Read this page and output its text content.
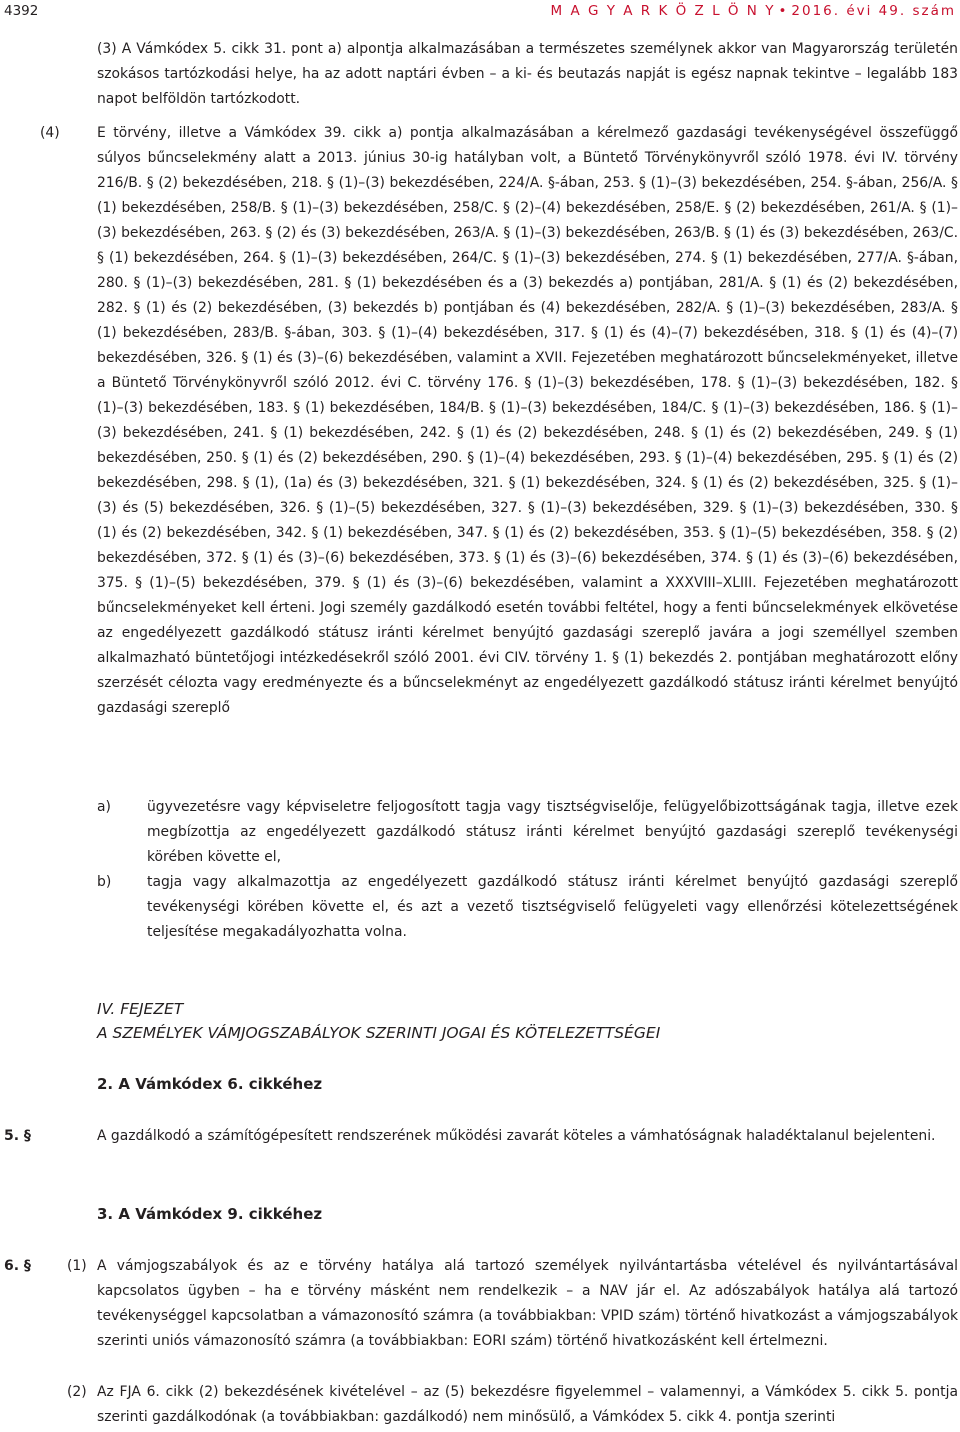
4392	M A G Y A R K Ö Z L Ö N Y • 2016. évi 49. szám
(3) A Vámkódex 5. cikk 31. pont a) alpontja alkalmazásában a természetes személynek akkor van Magyarország területén szokásos tartózkodási helye, ha az adott naptári évben – a ki- és beutazás napját is egész napnak tekintve – legalább 183 napot belföldön tartózkodott.
(4)	E törvény, illetve a Vámkódex 39. cikk a) pontja alkalmazásában a kérelmező gazdasági tevékenységével összefüggő súlyos bűncselekmény alatt a 2013. június 30-ig hatályban volt, a Büntető Törvénykönyvről szóló 1978. évi IV. törvény 216/B. § (2) bekezdésében, 218. § (1)–(3) bekezdésében, 224/A. §-ában, 253. § (1)–(3) bekezdésében, 254. §-ában, 256/A. § (1) bekezdésében, 258/B. § (1)–(3) bekezdésében, 258/C. § (2)–(4) bekezdésében, 258/E. § (2) bekezdésében, 261/A. § (1)–(3) bekezdésében, 263. § (2) és (3) bekezdésében, 263/A. § (1)–(3) bekezdésében, 263/B. § (1) és (3) bekezdésében, 263/C. § (1) bekezdésében, 264. § (1)–(3) bekezdésében, 264/C. § (1)–(3) bekezdésében, 274. § (1) bekezdésében, 277/A. §-ában, 280. § (1)–(3) bekezdésében, 281. § (1) bekezdésében és a (3) bekezdés a) pontjában, 281/A. § (1) és (2) bekezdésében, 282. § (1) és (2) bekezdésében, (3) bekezdés b) pontjában és (4) bekezdésében, 282/A. § (1)–(3) bekezdésében, 283/A. § (1) bekezdésében, 283/B. §-ában, 303. § (1)–(4) bekezdésében, 317. § (1) és (4)–(7) bekezdésében, 318. § (1) és (4)–(7) bekezdésében, 326. § (1) és (3)–(6) bekezdésében, valamint a XVII. Fejezetében meghatározott bűncselekményeket, illetve a Büntető Törvénykönyvről szóló 2012. évi C. törvény 176. § (1)–(3) bekezdésében, 178. § (1)–(3) bekezdésében, 182. § (1)–(3) bekezdésében, 183. § (1) bekezdésében, 184/B. § (1)–(3) bekezdésében, 184/C. § (1)–(3) bekezdésében, 186. § (1)–(3) bekezdésében, 241. § (1) bekezdésében, 242. § (1) és (2) bekezdésében, 248. § (1) és (2) bekezdésében, 249. § (1) bekezdésében, 250. § (1) és (2) bekezdésében, 290. § (1)–(4) bekezdésében, 293. § (1)–(4) bekezdésében, 295. § (1) és (2) bekezdésében, 298. § (1), (1a) és (3) bekezdésében, 321. § (1) bekezdésében, 324. § (1) és (2) bekezdésében, 325. § (1)–(3) és (5) bekezdésében, 326. § (1)–(5) bekezdésében, 327. § (1)–(3) bekezdésében, 329. § (1)–(3) bekezdésében, 330. § (1) és (2) bekezdésében, 342. § (1) bekezdésében, 347. § (1) és (2) bekezdésében, 353. § (1)–(5) bekezdésében, 358. § (2) bekezdésében, 372. § (1) és (3)–(6) bekezdésében, 373. § (1) és (3)–(6) bekezdésében, 374. § (1) és (3)–(6) bekezdésében, 375. § (1)–(5) bekezdésében, 379. § (1) és (3)–(6) bekezdésében, valamint a XXXVIII–XLIII. Fejezetében meghatározott bűncselekményeket kell érteni. Jogi személy gazdálkodó esetén további feltétel, hogy a fenti bűncselekmények elkövetése az engedélyezett gazdálkodó státusz iránti kérelmet benyújtó gazdasági szereplő javára a jogi személlyel szemben alkalmazható büntetőjogi intézkedésekről szóló 2001. évi CIV. törvény 1. § (1) bekezdés 2. pontjában meghatározott előny szerzését célozta vagy eredményezte és a bűncselekményt az engedélyezett gazdálkodó státusz iránti kérelmet benyújtó gazdasági szereplő
a)	ügyvezetésre vagy képviseletre feljogosított tagja vagy tisztségviselője, felügyelőbizottságának tagja, illetve ezek megbízottja az engedélyezett gazdálkodó státusz iránti kérelmet benyújtó gazdasági szereplő tevékenységi körében követte el,
b)	tagja vagy alkalmazottja az engedélyezett gazdálkodó státusz iránti kérelmet benyújtó gazdasági szereplő tevékenységi körében követte el, és azt a vezető tisztségviselő felügyeleti vagy ellenőrzési kötelezettségének teljesítése megakadályozhatta volna.
IV. FEJEZET
A SZEMÉLYEK VÁMJOGSZABÁLYOK SZERINTI JOGAI ÉS KÖTELEZETTSÉGEI
2. A Vámkódex 6. cikkéhez
5. §	A gazdálkodó a számítógépesített rendszerének működési zavarát köteles a vámhatóságnak haladéktalanul bejelenteni.
3. A Vámkódex 9. cikkéhez
6. §	(1) A vámjogszabályok és az e törvény hatálya alá tartozó személyek nyilvántartásba vételével és nyilvántartásával kapcsolatos ügyben – ha e törvény másként nem rendelkezik – a NAV jár el. Az adószabályok hatálya alá tartozó tevékenységgel kapcsolatban a vámazonosító számra (a továbbiakban: VPID szám) történő hivatkozást a vámjogszabályok szerinti uniós vámazonosító számra (a továbbiakban: EORI szám) történő hivatkozásként kell értelmezni.
(2) Az FJA 6. cikk (2) bekezdésének kivételével – az (5) bekezdésre figyelemmel – valamennyi, a Vámkódex 5. cikk 5. pontja szerinti gazdálkodónak (a továbbiakban: gazdálkodó) nem minősülő, a Vámkódex 5. cikk 4. pontja szerinti
